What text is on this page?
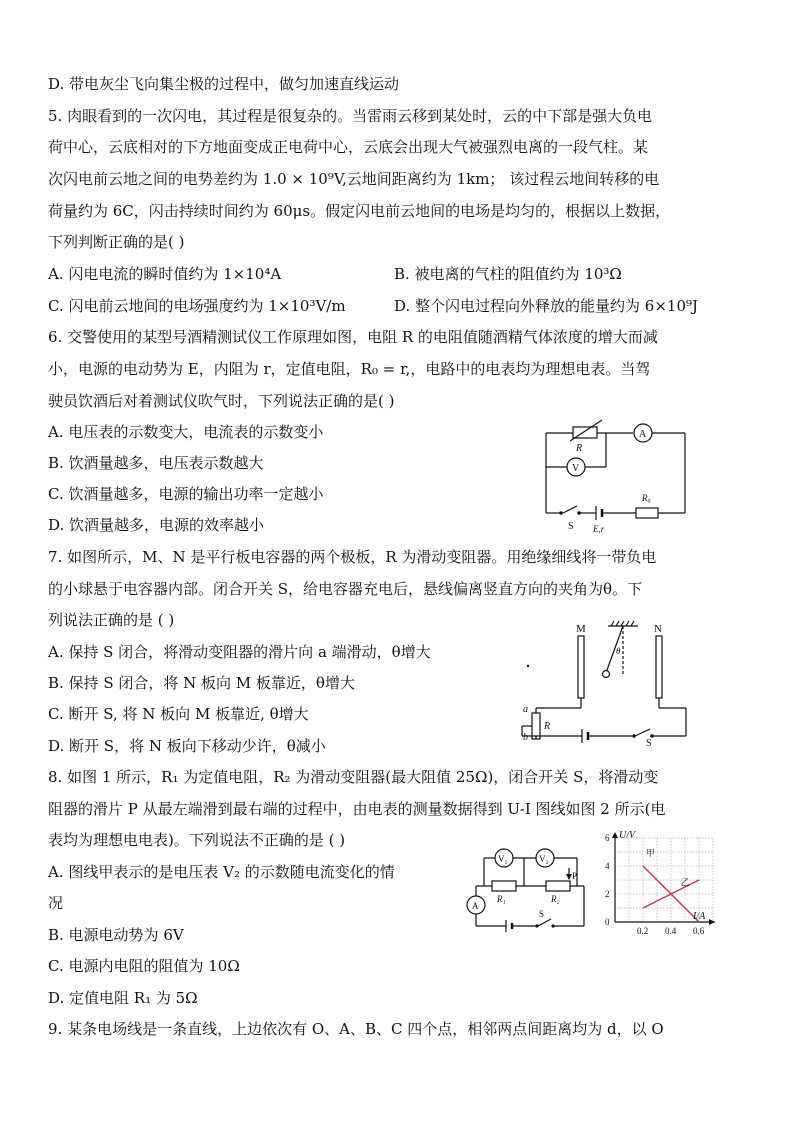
D. 带电灰尘飞向集尘极的过程中，做匀加速直线运动
5. 肉眼看到的一次闪电，其过程是很复杂的。当雷雨云移到某处时，云的中下部是强大负电
荷中心，云底相对的下方地面变成正电荷中心，云底会出现大气被强烈电离的一段气柱。某
次闪电前云地之间的电势差约为 1.0 × 10⁹V,云地间距离约为 1km； 该过程云地间转移的电
荷量约为 6C，闪击持续时间约为 60μs。假定闪电前云地间的电场是均匀的，根据以上数据，
下列判断正确的是( )
A. 闪电电流的瞬时值约为 1×10⁴A	B. 被电离的气柱的阻值约为 10³Ω
C. 闪电前云地间的电场强度约为 1×10³V/m	D. 整个闪电过程向外释放的能量约为 6×10⁹J
6. 交警使用的某型号酒精测试仪工作原理如图，电阻 R 的电阻值随酒精气体浓度的增大而减
小，电源的电动势为 E，内阻为 r，定值电阻，R₀ = r,，电路中的电表均为理想电表。当驾
驶员饮酒后对着测试仪吹气时，下列说法正确的是( )
A. 电压表的示数变大，电流表的示数变小
B. 饮酒量越多，电压表示数越大
C. 饮酒量越多，电源的输出功率一定越小
D. 饮酒量越多，电源的效率越小
7. 如图所示，M、N 是平行板电容器的两个极板，R 为滑动变阻器。用绝缘细线将一带负电
的小球悬于电容器内部。闭合开关 S，给电容器充电后，悬线偏离竖直方向的夹角为θ。下
列说法正确的是 ( )
A. 保持 S 闭合，将滑动变阻器的滑片向 a 端滑动，θ增大
B. 保持 S 闭合，将 N 板向 M 板靠近，θ增大
C. 断开 S, 将 N 板向 M 板靠近, θ增大
D. 断开 S，将 N 板向下移动少许，θ减小
8. 如图 1 所示，R₁ 为定值电阻，R₂ 为滑动变阻器(最大阻值 25Ω)，闭合开关 S，将滑动变
阻器的滑片 P 从最左端滑到最右端的过程中，由电表的测量数据得到 U-I 图线如图 2 所示(电
表均为理想电电表)。下列说法不正确的是 ( )
A. 图线甲表示的是电压表 V₂ 的示数随电流变化的情
况
B. 电源电动势为 6V
C. 电源内电阻的阻值为 10Ω
D. 定值电阻 R₁ 为 5Ω
9. 某条电场线是一条直线，上边依次有 O、A、B、C 四个点，相邻两点间距离均为 d，以 O
R
A
V
R₀
S E,r
M	N
θ
a
b
R
S
V₁	V₂
A
P
R₁	R₂
S
甲
乙
0.2 0.4 0.6
0
2
4
6 U/V
I/A
